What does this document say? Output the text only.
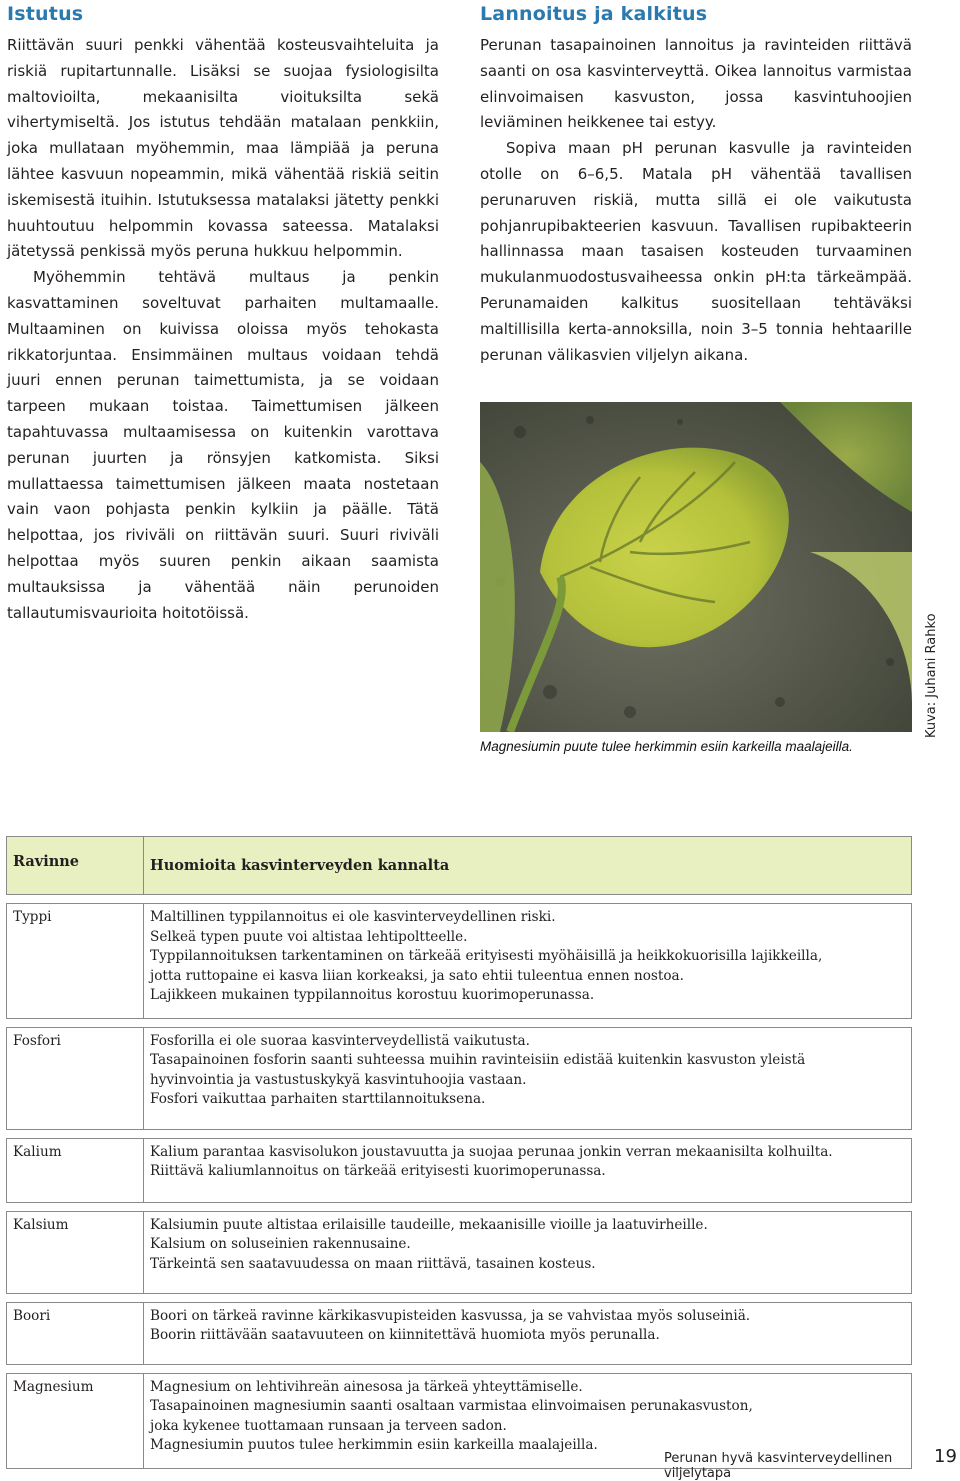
Istutus

Riittävän suuri penkki vähentää kosteusvaihteluita ja riskiä rupitartunnalle. Lisäksi se suojaa fysiologisilta maltovioilta, mekaanisilta vioituksilta sekä vihertymiseltä. Jos istutus tehdään matalaan penkkiin, joka mullataan myöhemmin, maa lämpiää ja peruna lähtee kasvuun nopeammin, mikä vähentää riskiä seitin iskemisestä ituihin. Istutuksessa matalaksi jätetty penkki huuhtoutuu helpommin kovassa sateessa. Matalaksi jätetyssä penkissä myös peruna hukkuu helpommin.

Myöhemmin tehtävä multaus ja penkin kasvattaminen soveltuvat parhaiten multamaalle. Multaaminen on kuivissa oloissa myös tehokasta rikkatorjuntaa. Ensimmäinen multaus voidaan tehdä juuri ennen perunan taimettumista, ja se voidaan tarpeen mukaan toistaa. Taimettumisen jälkeen tapahtuvassa multaamisessa on kuitenkin varottava perunan juurten ja rönsyjen katkomista. Siksi mullattaessa taimettumisen jälkeen maata nostetaan vain vaon pohjasta penkin kylkiin ja päälle. Tätä helpottaa, jos riviväli on riittävän suuri. Suuri riviväli helpottaa myös suuren penkin aikaan saamista multauksissa ja vähentää näin perunoiden tallautumisvaurioita hoitotöissä.

Lannoitus ja kalkitus

Perunan tasapainoinen lannoitus ja ravinteiden riittävä saanti on osa kasvinterveyttä. Oikea lannoitus varmistaa elinvoimaisen kasvuston, jossa kasvintuhoojien leviäminen heikkenee tai estyy.

Sopiva maan pH perunan kasvulle ja ravinteiden otolle on 6–6,5. Matala pH vähentää tavallisen perunaruven riskiä, mutta sillä ei ole vaikutusta pohjanrupibakteerien kasvuun. Tavallisen rupibakteerin hallinnassa maan tasaisen kosteuden turvaaminen mukulanmuodostusvaiheessa onkin pH:ta tärkeämpää. Perunamaiden kalkitus suositellaan tehtäväksi maltillisilla kerta-annoksilla, noin 3–5 tonnia hehtaarille perunan välikasvien viljelyn aikana.

Kuva: Juhani Rahko
Magnesiumin puute tulee herkimmin esiin karkeilla maalajeilla.
Ravinne	Huomioita kasvinterveyden kannalta

Typpi	Maltillinen typpilannoitus ei ole kasvinterveydellinen riski.
Selkeä typen puute voi altistaa lehtipoltteelle.
Typpilannoituksen tarkentaminen on tärkeää erityisesti myöhäisillä ja heikkokuorisilla lajikkeilla,
jotta ruttopaine ei kasva liian korkeaksi, ja sato ehtii tuleentua ennen nostoa.
Lajikkeen mukainen typpilannoitus korostuu kuorimoperunassa.

Fosfori	Fosforilla ei ole suoraa kasvinterveydellistä vaikutusta.
Tasapainoinen fosforin saanti suhteessa muihin ravinteisiin edistää kuitenkin kasvuston yleistä
hyvinvointia ja vastustuskykyä kasvintuhoojia vastaan.
Fosfori vaikuttaa parhaiten starttilannoituksena.

Kalium	Kalium parantaa kasvisolukon joustavuutta ja suojaa perunaa jonkin verran mekaanisilta kolhuilta.
Riittävä kaliumlannoitus on tärkeää erityisesti kuorimoperunassa.

Kalsium	Kalsiumin puute altistaa erilaisille taudeille, mekaanisille vioille ja laatuvirheille.
Kalsium on soluseinien rakennusaine.
Tärkeintä sen saatavuudessa on maan riittävä, tasainen kosteus.

Boori	Boori on tärkeä ravinne kärkikasvupisteiden kasvussa, ja se vahvistaa myös soluseiniä.
Boorin riittävään saatavuuteen on kiinnitettävä huomiota myös perunalla.

Magnesium	Magnesium on lehtivihreän ainesosa ja tärkeä yhteyttämiselle.
Tasapainoinen magnesiumin saanti osaltaan varmistaa elinvoimaisen perunakasvuston,
joka kykenee tuottamaan runsaan ja terveen sadon.
Magnesiumin puutos tulee herkimmin esiin karkeilla maalajeilla.
Perunan hyvä kasvinterveydellinen viljelytapa
19
